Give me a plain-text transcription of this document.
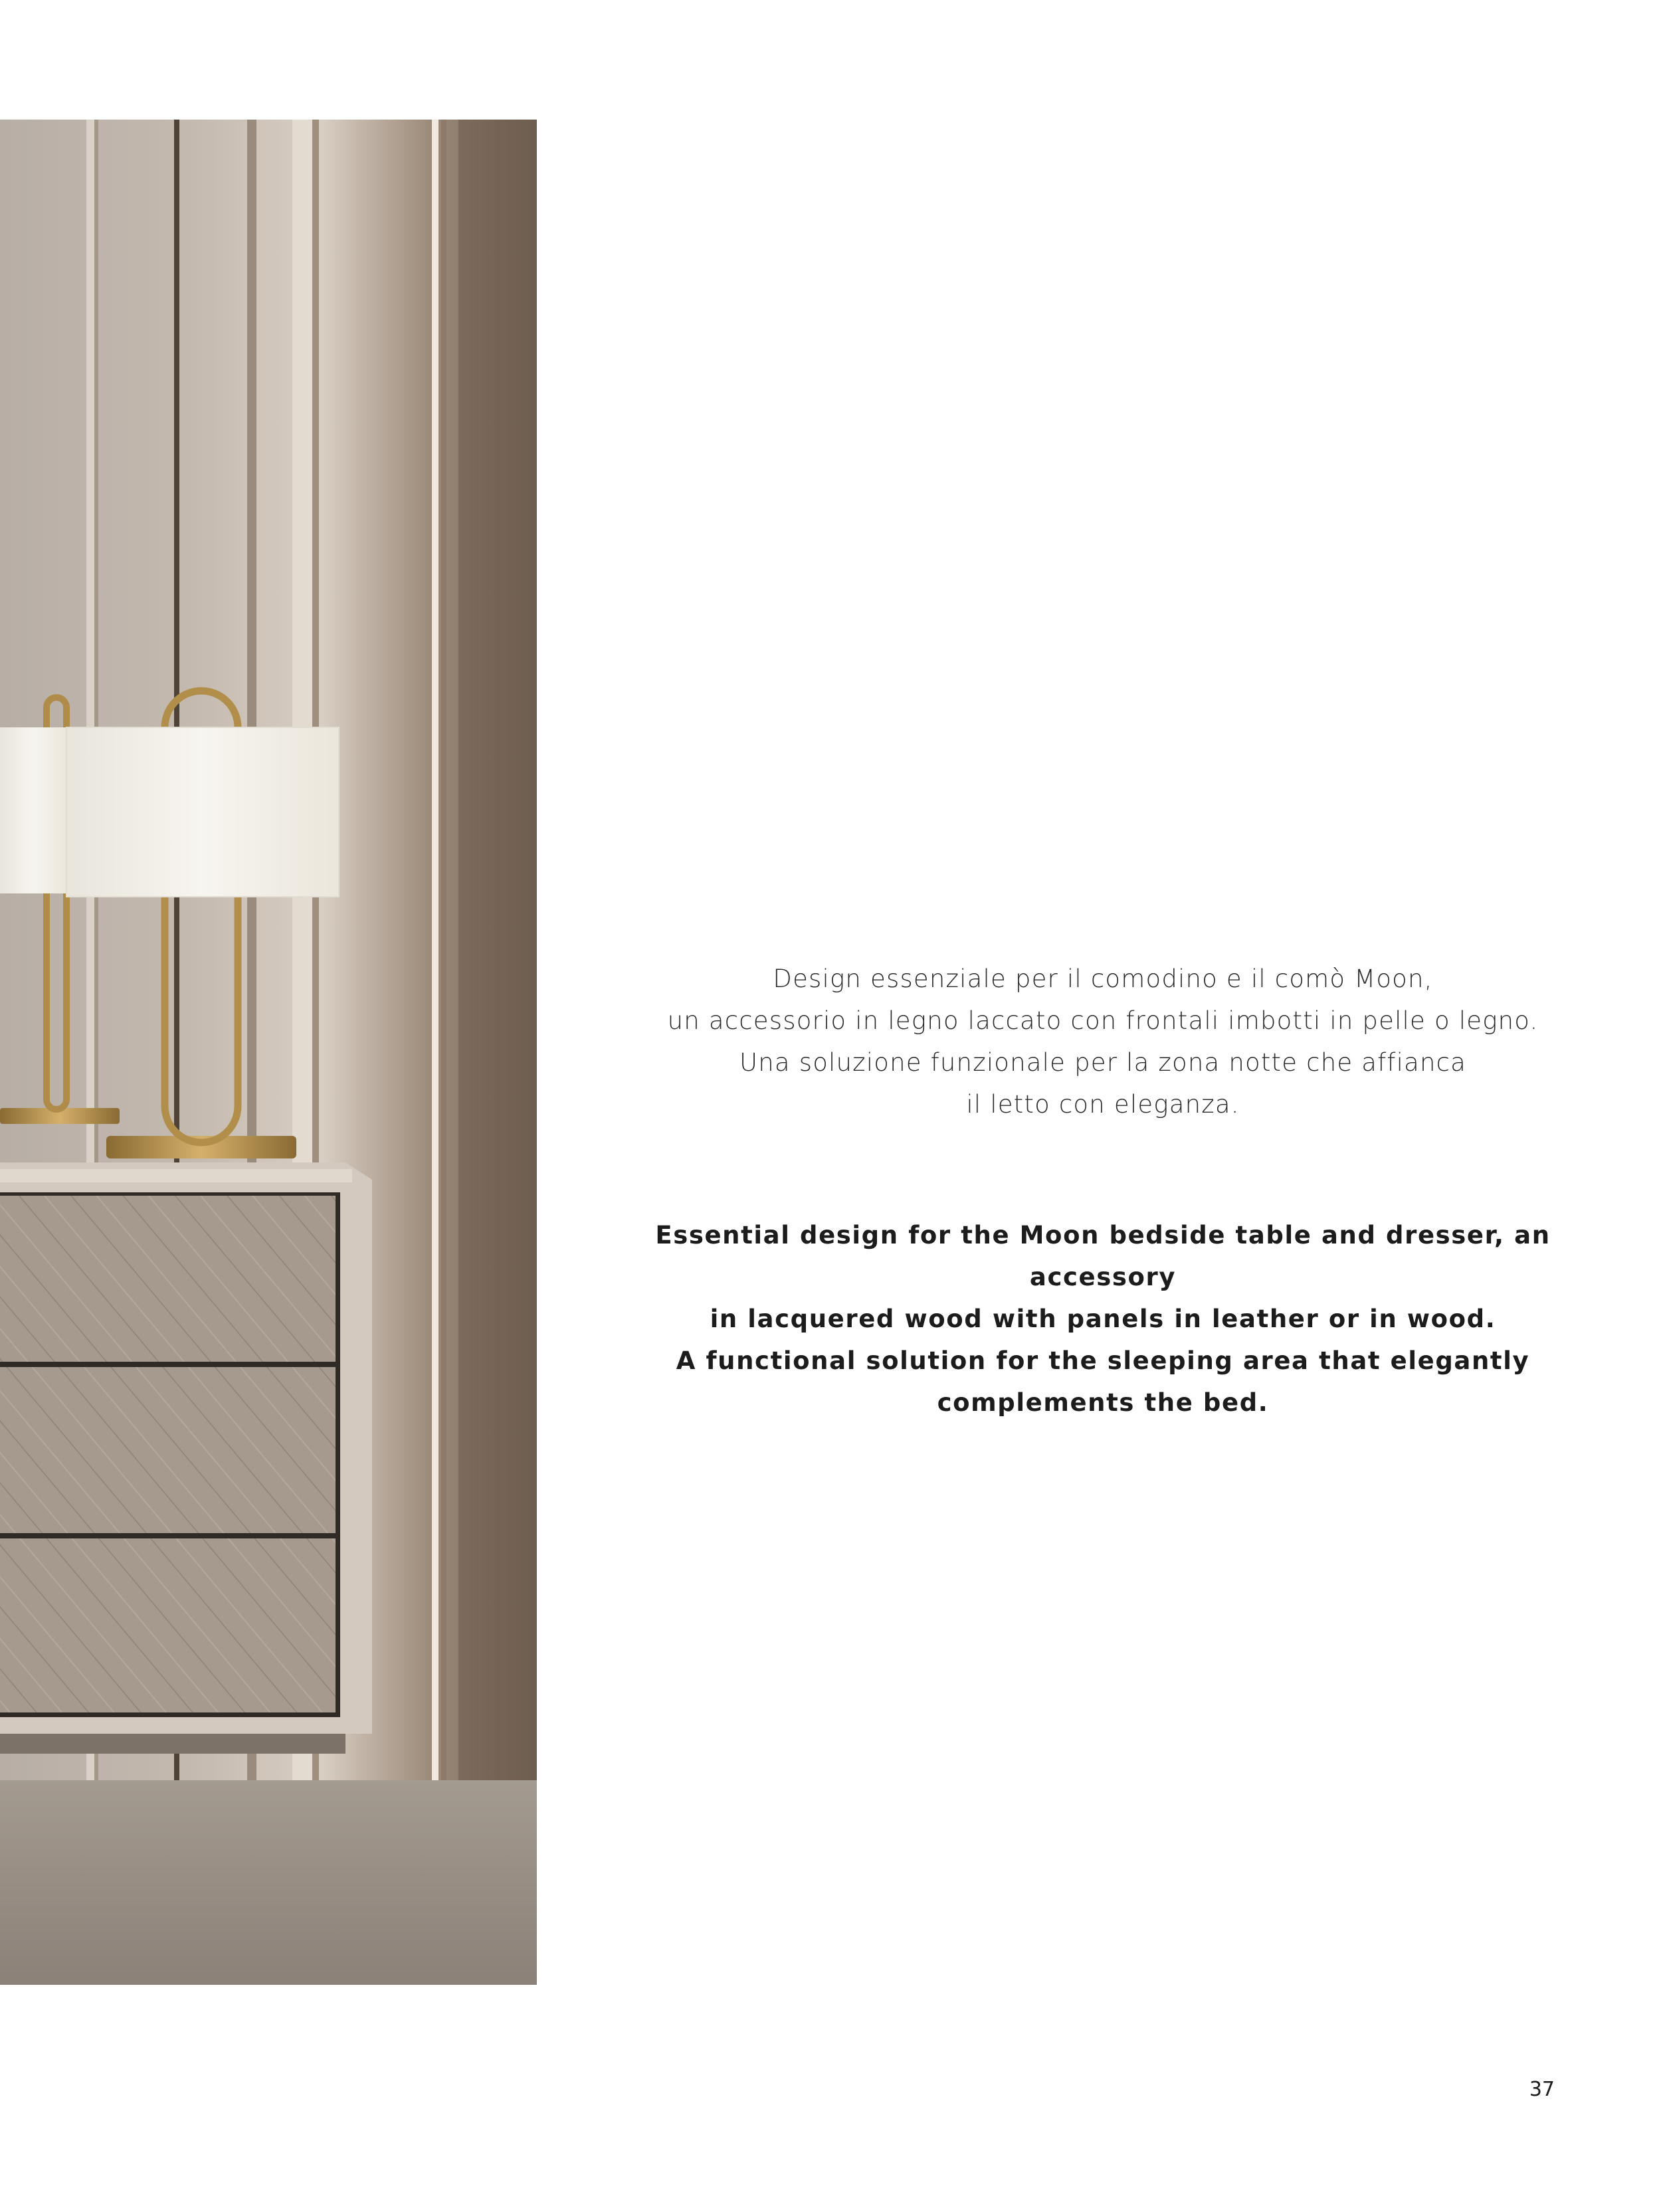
Design essenziale per il comodino e il comò Moon,

un accessorio in legno laccato con frontali imbotti in pelle o legno.

Una soluzione funzionale per la zona notte che affianca

il letto con eleganza.

Essential design for the Moon bedside table and dresser, an accessory

in lacquered wood with panels in leather or in wood.

A functional solution for the sleeping area that elegantly

complements the bed.

37
